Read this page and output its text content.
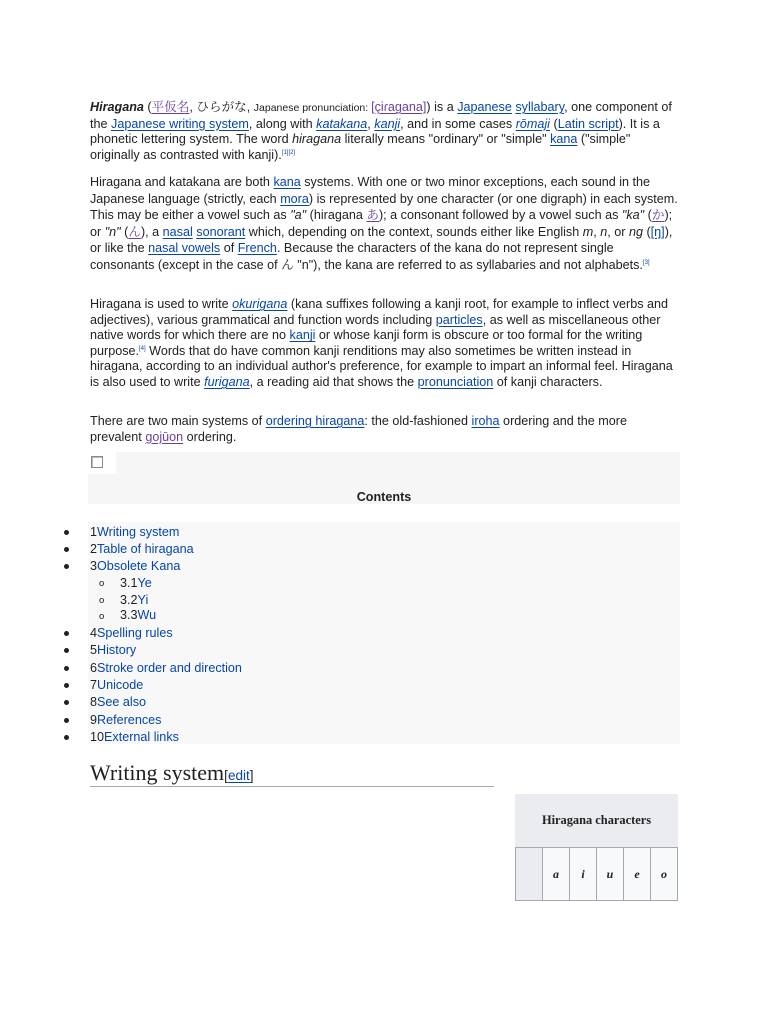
Hiragana (平仮名, ひらがな, Japanese pronunciation: [çiɾaɡana]) is a Japanese syllabary, one component of the Japanese writing system, along with katakana, kanji, and in some cases rōmaji (Latin script). It is a phonetic lettering system. The word hiragana literally means "ordinary" or "simple" kana ("simple" originally as contrasted with kanji).[1][2]
Hiragana and katakana are both kana systems. With one or two minor exceptions, each sound in the Japanese language (strictly, each mora) is represented by one character (or one digraph) in each system. This may be either a vowel such as "a" (hiragana あ); a consonant followed by a vowel such as "ka" (か); or "n" (ん), a nasal sonorant which, depending on the context, sounds either like English m, n, or ng ([ŋ]), or like the nasal vowels of French. Because the characters of the kana do not represent single consonants (except in the case of ん "n"), the kana are referred to as syllabaries and not alphabets.[3]
Hiragana is used to write okurigana (kana suffixes following a kanji root, for example to inflect verbs and adjectives), various grammatical and function words including particles, as well as miscellaneous other native words for which there are no kanji or whose kanji form is obscure or too formal for the writing purpose.[4] Words that do have common kanji renditions may also sometimes be written instead in hiragana, according to an individual author's preference, for example to impart an informal feel. Hiragana is also used to write furigana, a reading aid that shows the pronunciation of kanji characters.
There are two main systems of ordering hiragana: the old-fashioned iroha ordering and the more prevalent gojūon ordering.
Contents
1Writing system
2Table of hiragana
3Obsolete Kana
o 3.1Ye
o 3.2Yi
o 3.3Wu
4Spelling rules
5History
6Stroke order and direction
7Unicode
8See also
9References
10External links
Writing system[edit]
Hiragana characters
a	i	u	e	o
